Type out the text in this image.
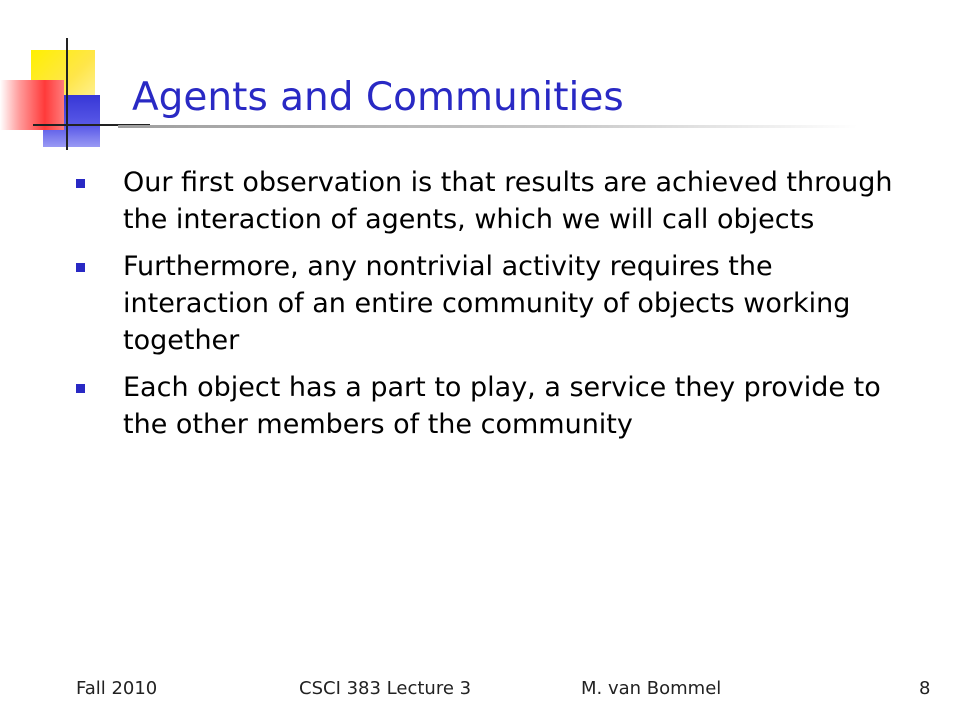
Agents and Communities
Our first observation is that results are achieved through the interaction of agents, which we will call objects
Furthermore, any nontrivial activity requires the interaction of an entire community of objects working together
Each object has a part to play, a service they provide to the other members of the community
Fall 2010	CSCI 383 Lecture 3	M. van Bommel	8
